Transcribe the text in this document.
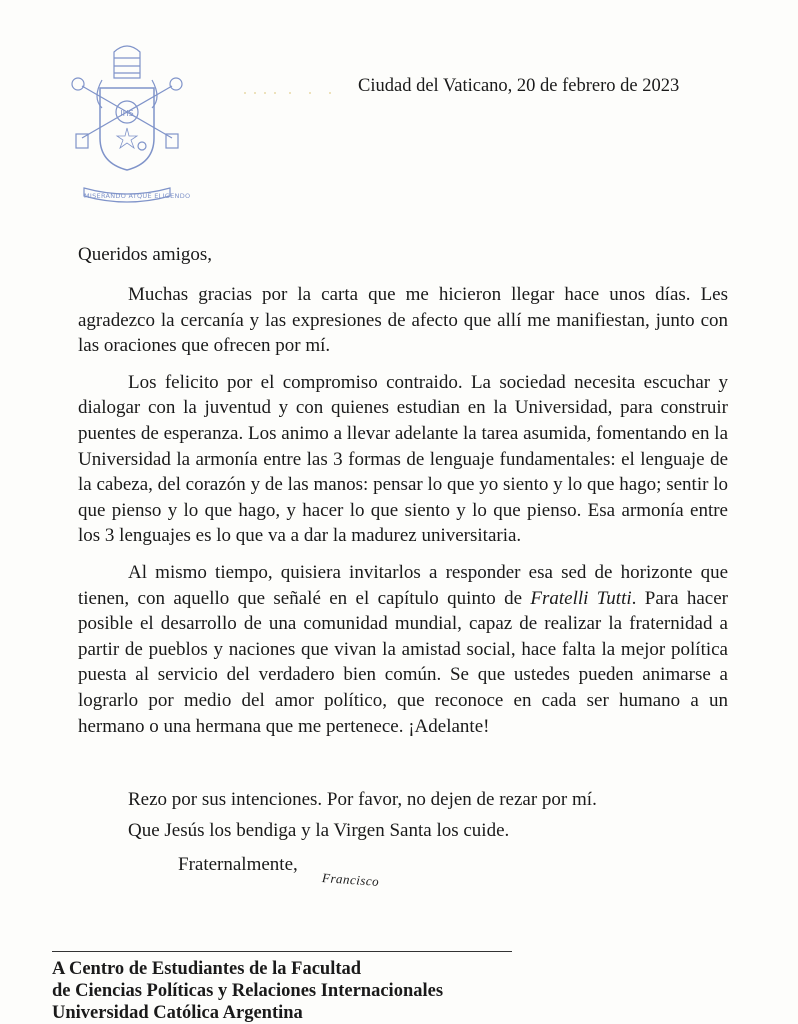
IHS
MISERANDO ATQUE ELIGENDO
Ciudad del Vaticano, 20 de febrero de 2023
Queridos amigos,

Muchas gracias por la carta que me hicieron llegar hace unos días. Les agradezco la cercanía y las expresiones de afecto que allí me manifiestan, junto con las oraciones que ofrecen por mí.

Los felicito por el compromiso contraido. La sociedad necesita escuchar y dialogar con la juventud y con quienes estudian en la Universidad, para construir puentes de esperanza. Los animo a llevar adelante la tarea asumida, fomentando en la Universidad la armonía entre las 3 formas de lenguaje fundamentales: el lenguaje de la cabeza, del corazón y de las manos: pensar lo que yo siento y lo que hago; sentir lo que pienso y lo que hago, y hacer lo que siento y lo que pienso. Esa armonía entre los 3 lenguajes es lo que va a dar la madurez universitaria.

Al mismo tiempo, quisiera invitarlos a responder esa sed de horizonte que tienen, con aquello que señalé en el capítulo quinto de Fratelli Tutti. Para hacer posible el desarrollo de una comunidad mundial, capaz de realizar la fraternidad a partir de pueblos y naciones que vivan la amistad social, hace falta la mejor política puesta al servicio del verdadero bien común. Se que ustedes pueden animarse a lograrlo por medio del amor político, que reconoce en cada ser humano a un hermano o una hermana que me pertenece. ¡Adelante!

Rezo por sus intenciones. Por favor, no dejen de rezar por mí.
Que Jesús los bendiga y la Virgen Santa los cuide.
Fraternalmente,
Francisco
A Centro de Estudiantes de la Facultad
de Ciencias Políticas y Relaciones Internacionales
Universidad Católica Argentina
